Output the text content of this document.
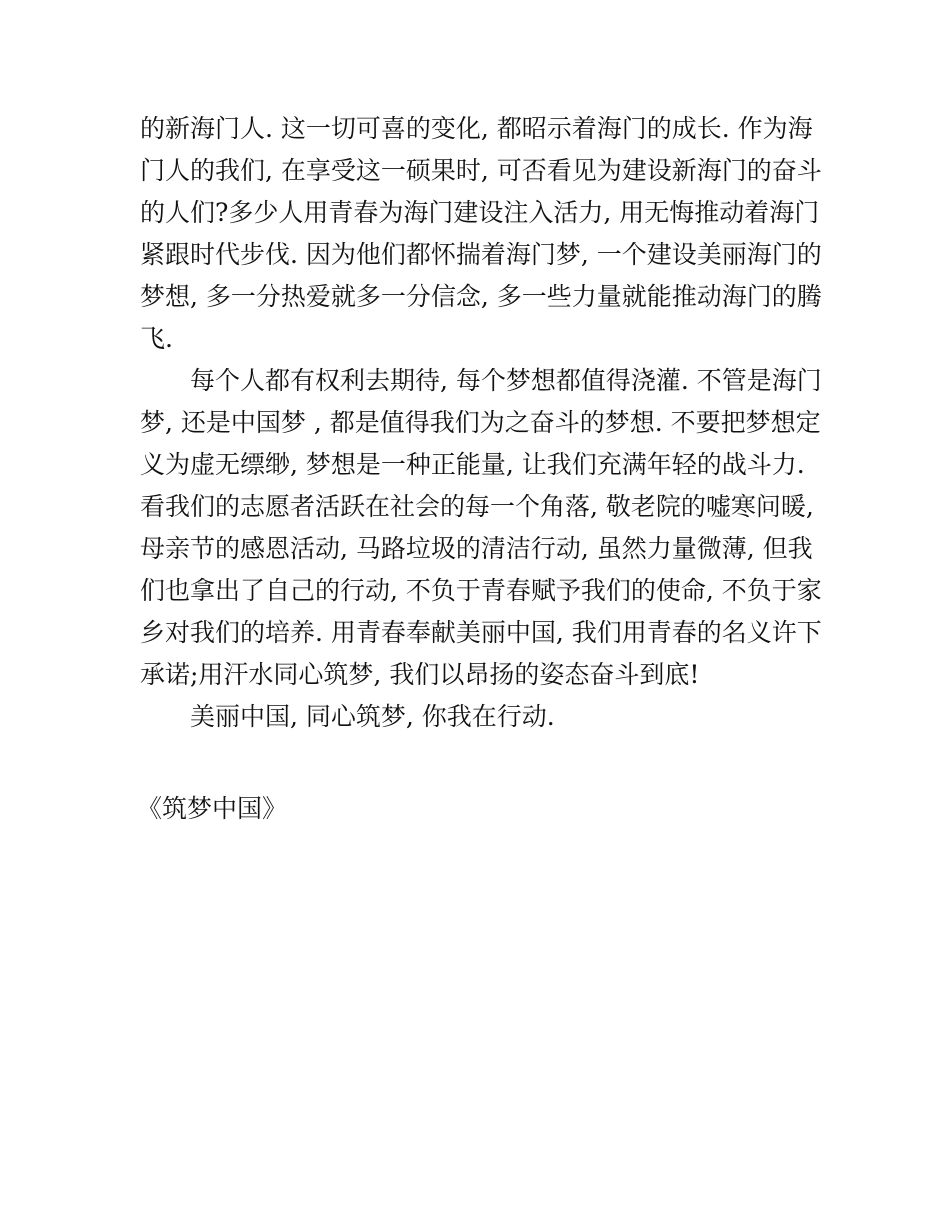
的新海门人. 这一切可喜的变化, 都昭示着海门的成长. 作为海
门人的我们, 在享受这一硕果时, 可否看见为建设新海门的奋斗
的人们?多少人用青春为海门建设注入活力, 用无悔推动着海门
紧跟时代步伐. 因为他们都怀揣着海门梦, 一个建设美丽海门的
梦想, 多一分热爱就多一分信念, 多一些力量就能推动海门的腾
飞.
每个人都有权利去期待, 每个梦想都值得浇灌. 不管是海门
梦, 还是中国梦 , 都是值得我们为之奋斗的梦想. 不要把梦想定
义为虚无缥缈, 梦想是一种正能量, 让我们充满年轻的战斗力.
看我们的志愿者活跃在社会的每一个角落, 敬老院的嘘寒问暖,
母亲节的感恩活动, 马路垃圾的清洁行动, 虽然力量微薄, 但我
们也拿出了自己的行动, 不负于青春赋予我们的使命, 不负于家
乡对我们的培养. 用青春奉献美丽中国, 我们用青春的名义许下
承诺;用汗水同心筑梦, 我们以昂扬的姿态奋斗到底!
美丽中国, 同心筑梦, 你我在行动.
《筑梦中国》
